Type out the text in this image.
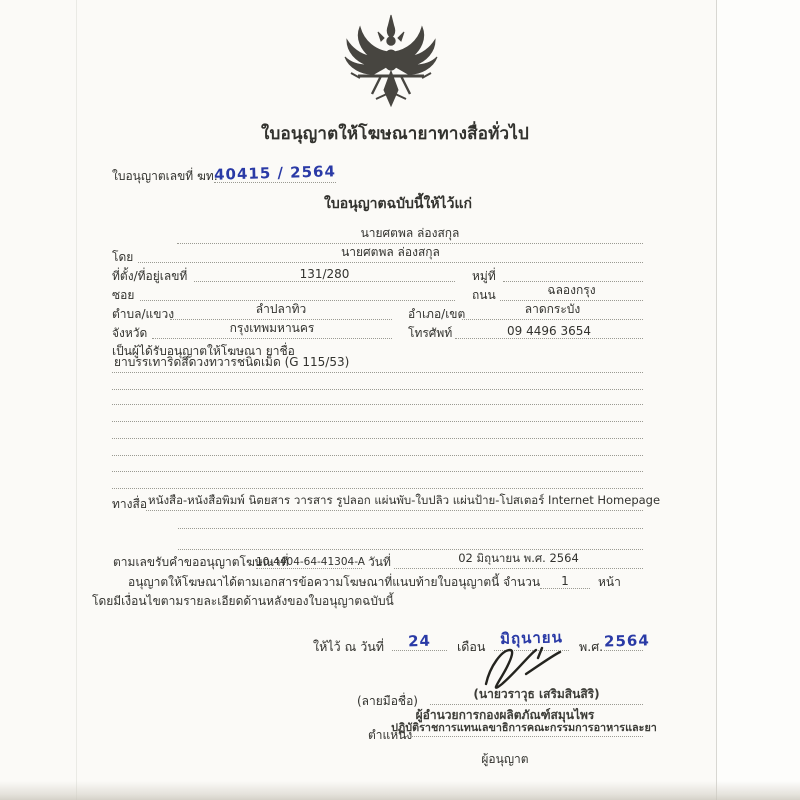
ใบอนุญาตให้โฆษณายาทางสื่อทั่วไป
ใบอนุญาตเลขที่ ฆท.
40415 / 2564
ใบอนุญาตฉบับนี้ให้ไว้แก่
นายศตพล ล่องสกุล
โดย	นายศตพล ล่องสกุล
ที่ตั้ง/ที่อยู่เลขที่	131/280	หมู่ที่
ซอย	ถนน	ฉลองกรุง
ตำบล/แขวง	ลำปลาทิว	อำเภอ/เขต	ลาดกระบัง
จังหวัด	กรุงเทพมหานคร	โทรศัพท์	09 4496 3654
เป็นผู้ได้รับอนุญาตให้โฆษณา ยาชื่อ
ยาบรรเทาริดสีดวงทวารชนิดเม็ด (G 115/53)
ทางสื่อ หนังสือ-หนังสือพิมพ์ นิตยสาร วารสาร รูปลอก แผ่นพับ-ใบปลิว แผ่นป้าย-โปสเตอร์ Internet Homepage
ตามเลขรับคำขออนุญาตโฆษณาที่
10-4404-64-41304-A วันที่	02 มิถุนายน พ.ศ. 2564
อนุญาตให้โฆษณาได้ตามเอกสารข้อความโฆษณาที่แนบท้ายใบอนุญาตนี้ จำนวน	1	หน้า
โดยมีเงื่อนไขตามรายละเอียดด้านหลังของใบอนุญาตฉบับนี้
ให้ไว้ ณ วันที่	24	เดือน มิถุนายน	พ.ศ. 2564
(ลายมือชื่อ)	(นายวราวุธ เสริมสินสิริ)
ผู้อำนวยการกองผลิตภัณฑ์สมุนไพร
ตำแหน่ง
ปฏิบัติราชการแทนเลขาธิการคณะกรรมการอาหารและยา
ผู้อนุญาต
